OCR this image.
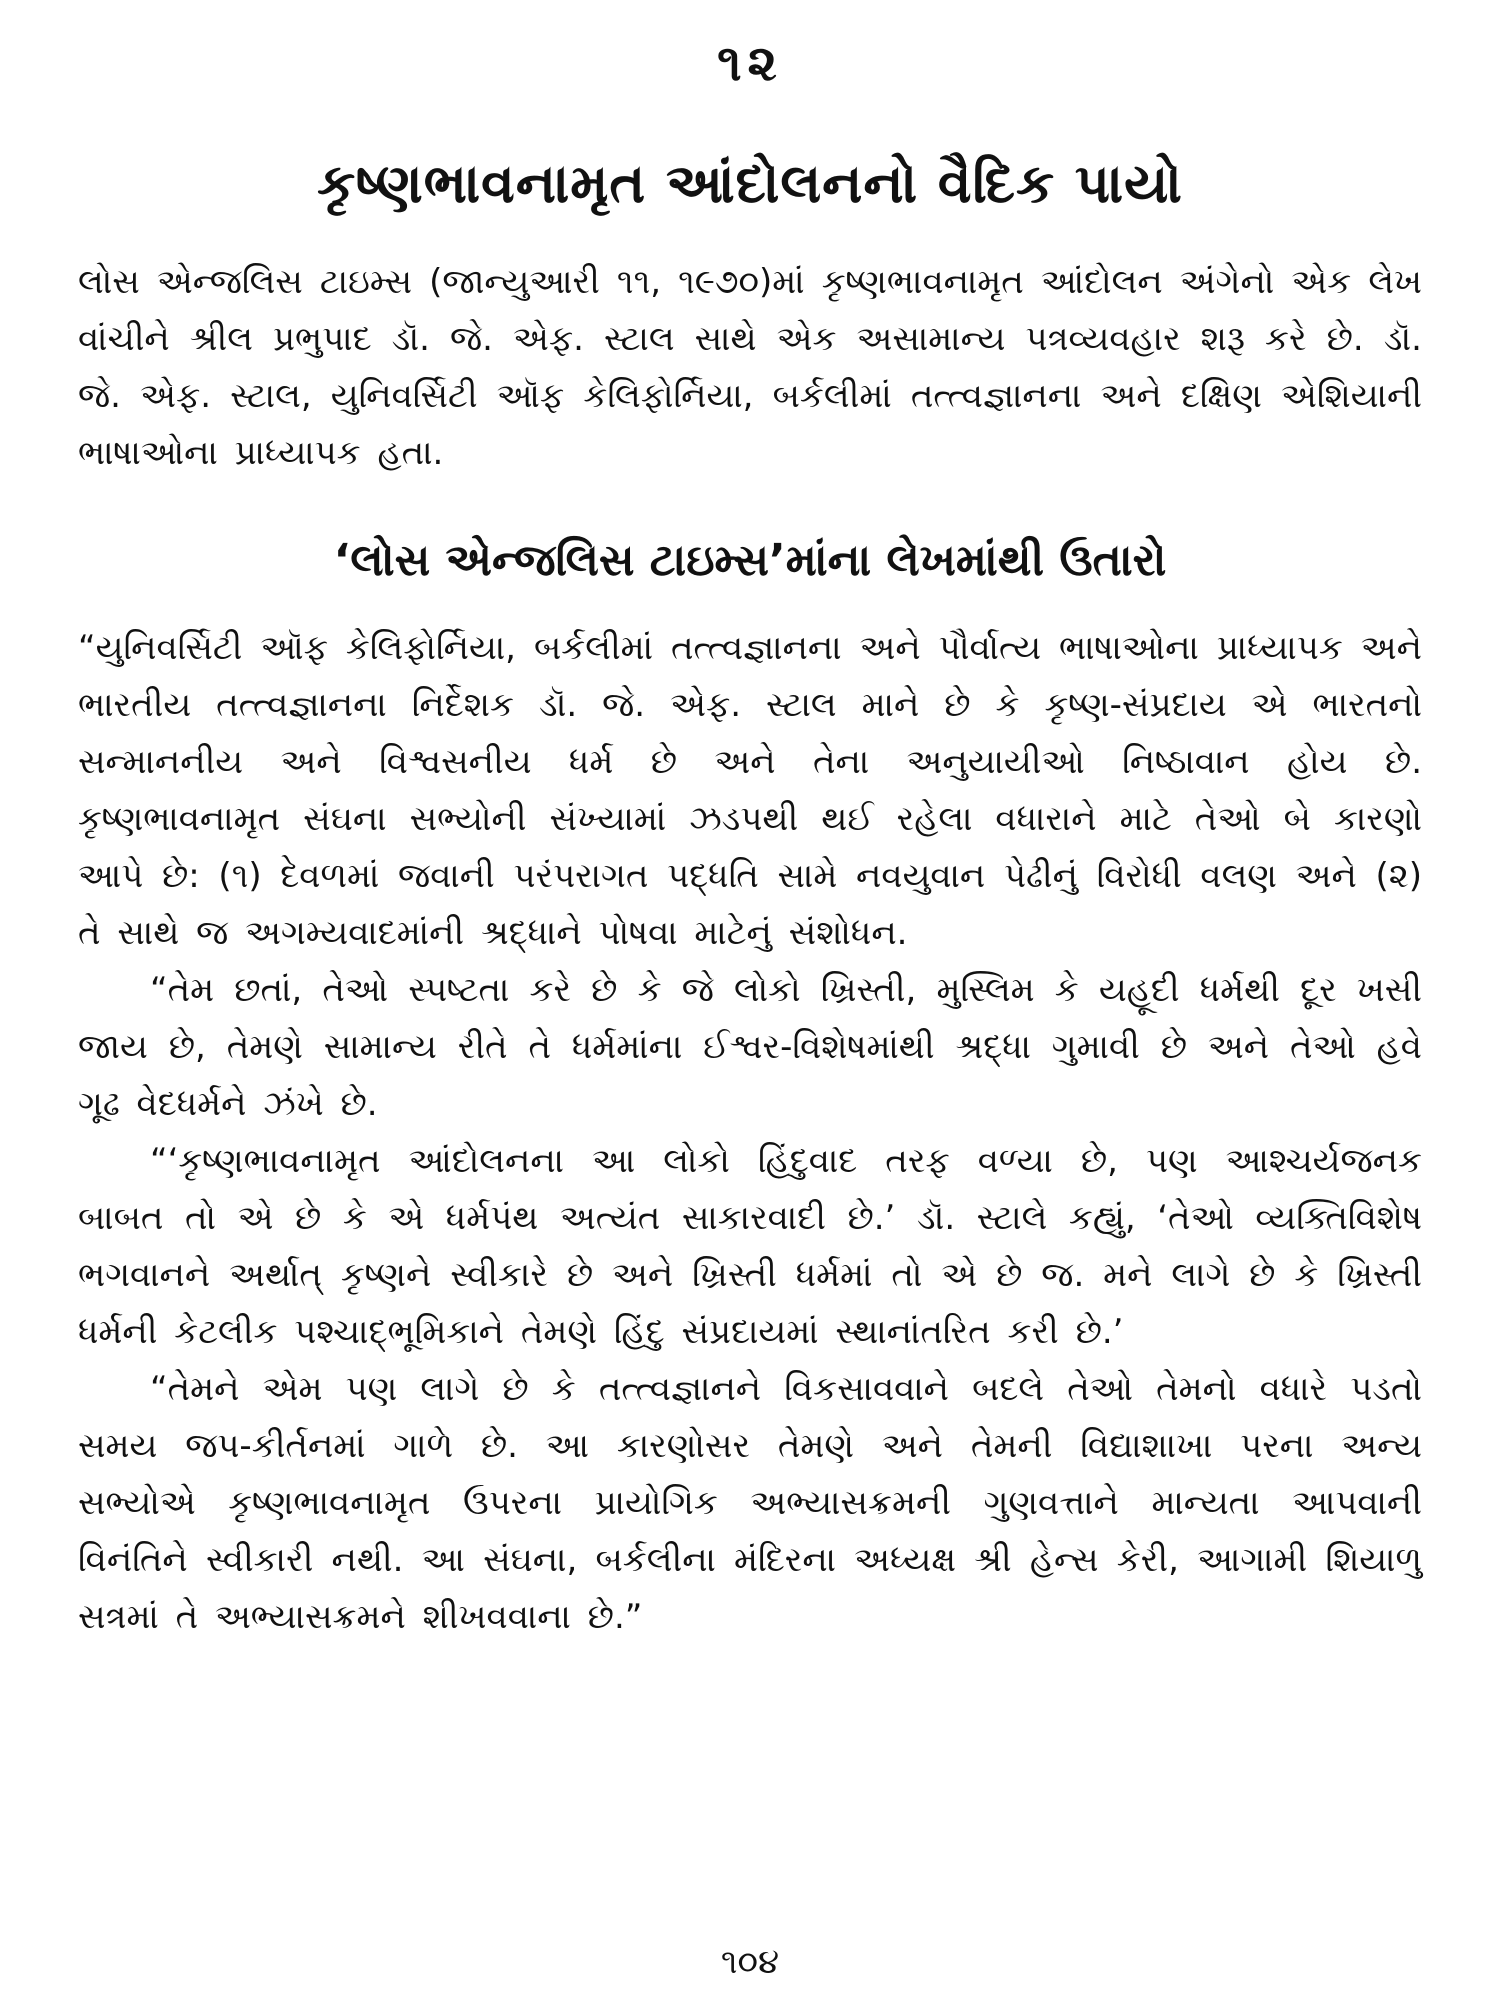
૧૨
કૃષ્ણભાવનામૃત આંદોલનનો વૈદિક પાયો

લોસ એન્જલિસ ટાઇમ્સ (જાન્યુઆરી ૧૧, ૧૯૭૦)માં કૃષ્ણભાવનામૃત આંદોલન અંગેનો એક લેખ વાંચીને શ્રીલ પ્રભુપાદ ડૉ. જે. એફ. સ્ટાલ સાથે એક અસામાન્ય પત્રવ્યવહાર શરૂ કરે છે. ડૉ. જે. એફ. સ્ટાલ, યુનિવર્સિટી ઑફ કેલિફોર્નિયા, બર્કલીમાં તત્ત્વજ્ઞાનના અને દક્ષિણ એશિયાની ભાષાઓના પ્રાધ્યાપક હતા.

‘લોસ એન્જલિસ ટાઇમ્સ’માંના લેખમાંથી ઉતારો

“યુનિવર્સિટી ઑફ કેલિફોર્નિયા, બર્કલીમાં તત્ત્વજ્ઞાનના અને પૌર્વાત્ય ભાષાઓના પ્રાધ્યાપક અને ભારતીય તત્ત્વજ્ઞાનના નિર્દેશક ડૉ. જે. એફ. સ્ટાલ માને છે કે કૃષ્ણ-સંપ્રદાય એ ભારતનો સન્માનનીય અને વિશ્વસનીય ધર્મ છે અને તેના અનુયાયીઓ નિષ્ઠાવાન હોય છે. કૃષ્ણભાવનામૃત સંઘના સભ્યોની સંખ્યામાં ઝડપથી થઈ રહેલા વધારાને માટે તેઓ બે કારણો આપે છે: (૧) દેવળમાં જવાની પરંપરાગત પદ્ધતિ સામે નવયુવાન પેઢીનું વિરોધી વલણ અને (૨) તે સાથે જ અગમ્યવાદમાંની શ્રદ્ધાને પોષવા માટેનું સંશોધન.

“તેમ છતાં, તેઓ સ્પષ્ટતા કરે છે કે જે લોકો ખ્રિસ્તી, મુસ્લિમ કે યહૂદી ધર્મથી દૂર ખસી જાય છે, તેમણે સામાન્ય રીતે તે ધર્મમાંના ઈશ્વર-વિશેષમાંથી શ્રદ્ધા ગુમાવી છે અને તેઓ હવે ગૂઢ વેદધર્મને ઝંખે છે.

“‘કૃષ્ણભાવનામૃત આંદોલનના આ લોકો હિંદુવાદ તરફ વળ્યા છે, પણ આશ્ચર્યજનક બાબત તો એ છે કે એ ધર્મપંથ અત્યંત સાકારવાદી છે.’ ડૉ. સ્ટાલે કહ્યું, ‘તેઓ વ્યક્તિવિશેષ ભગવાનને અર્થાત્ કૃષ્ણને સ્વીકારે છે અને ખ્રિસ્તી ધર્મમાં તો એ છે જ. મને લાગે છે કે ખ્રિસ્તી ધર્મની કેટલીક પશ્ચાદ્ભૂમિકાને તેમણે હિંદુ સંપ્રદાયમાં સ્થાનાંતરિત કરી છે.’

“તેમને એમ પણ લાગે છે કે તત્ત્વજ્ઞાનને વિકસાવવાને બદલે તેઓ તેમનો વધારે પડતો સમય જપ-કીર્તનમાં ગાળે છે. આ કારણોસર તેમણે અને તેમની વિદ્યાશાખા પરના અન્ય સભ્યોએ કૃષ્ણભાવનામૃત ઉપરના પ્રાયોગિક અભ્યાસક્રમની ગુણવત્તાને માન્યતા આપવાની વિનંતિને સ્વીકારી નથી. આ સંઘના, બર્કલીના મંદિરના અધ્યક્ષ શ્રી હેન્સ કેરી, આગામી શિયાળુ સત્રમાં તે અભ્યાસક્રમને શીખવવાના છે.”

૧૦૪
